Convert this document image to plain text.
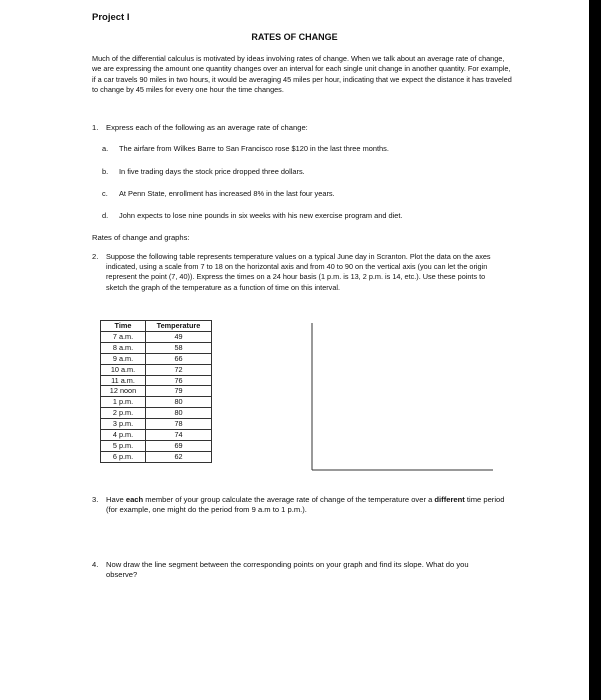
Project I
RATES OF CHANGE
Much of the differential calculus is motivated by ideas involving rates of change. When we talk about an average rate of change, we are expressing the amount one quantity changes over an interval for each single unit change in another quantity. For example, if a car travels 90 miles in two hours, it would be averaging 45 miles per hour, indicating that we expect the distance it has traveled to change by 45 miles for every one hour the time changes.
1. Express each of the following as an average rate of change:
a. The airfare from Wilkes Barre to San Francisco rose $120 in the last three months.
b. In five trading days the stock price dropped three dollars.
c. At Penn State, enrollment has increased 8% in the last four years.
d. John expects to lose nine pounds in six weeks with his new exercise program and diet.
Rates of change and graphs:
2. Suppose the following table represents temperature values on a typical June day in Scranton. Plot the data on the axes indicated, using a scale from 7 to 18 on the horizontal axis and from 40 to 90 on the vertical axis (you can let the origin represent the point (7, 40)). Express the times on a 24 hour basis (1 p.m. is 13, 2 p.m. is 14, etc.). Use these points to sketch the graph of the temperature as a function of time on this interval.
Time	Temperature
7 a.m.	49
8 a.m.	58
9 a.m.	66
10 a.m.	72
11 a.m.	76
12 noon	79
1 p.m.	80
2 p.m.	80
3 p.m.	78
4 p.m.	74
5 p.m.	69
6 p.m.	62
3. Have each member of your group calculate the average rate of change of the temperature over a different time period (for example, one might do the period from 9 a.m to 1 p.m.).
4. Now draw the line segment between the corresponding points on your graph and find its slope. What do you observe?
